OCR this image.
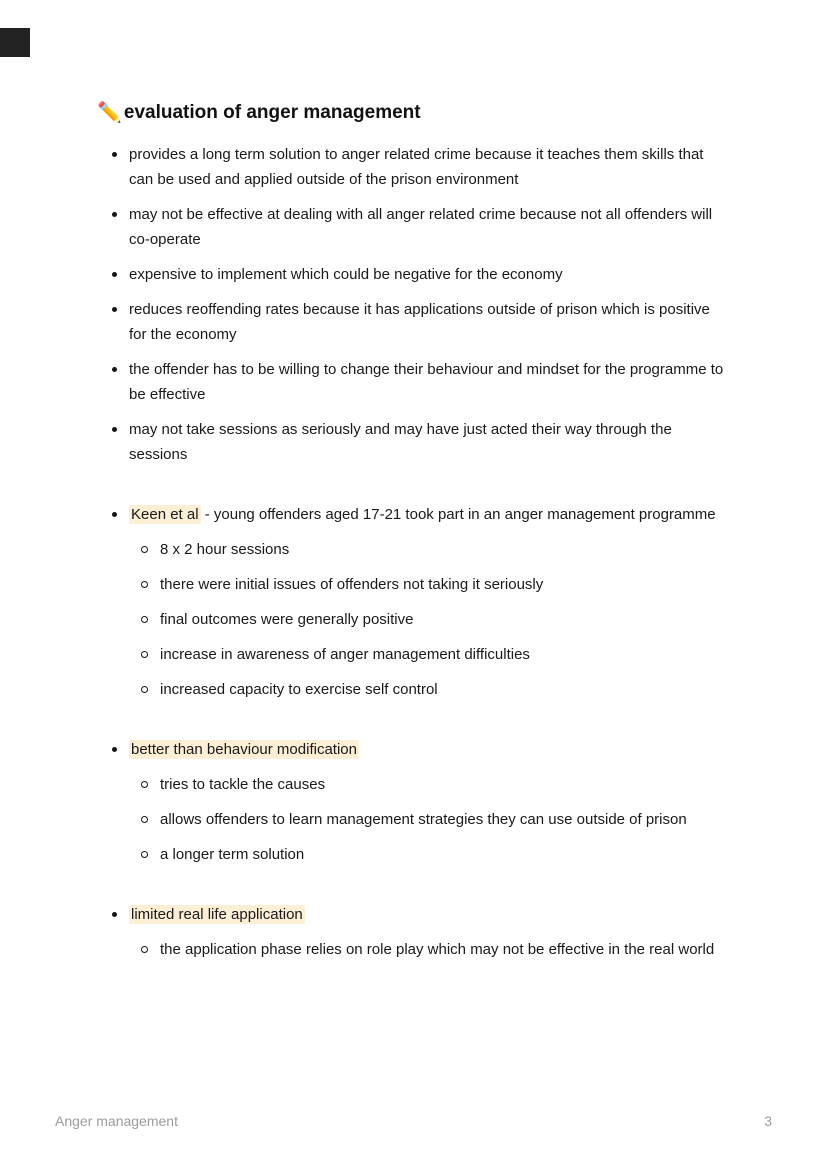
✏️ evaluation of anger management
provides a long term solution to anger related crime because it teaches them skills that can be used and applied outside of the prison environment
may not be effective at dealing with all anger related crime because not all offenders will co-operate
expensive to implement which could be negative for the economy
reduces reoffending rates because it has applications outside of prison which is positive for the economy
the offender has to be willing to change their behaviour and mindset for the programme to be effective
may not take sessions as seriously and may have just acted their way through the sessions
Keen et al - young offenders aged 17-21 took part in an anger management programme
8 x 2 hour sessions
there were initial issues of offenders not taking it seriously
final outcomes were generally positive
increase in awareness of anger management difficulties
increased capacity to exercise self control
better than behaviour modification
tries to tackle the causes
allows offenders to learn management strategies they can use outside of prison
a longer term solution
limited real life application
the application phase relies on role play which may not be effective in the real world
Anger management	3
